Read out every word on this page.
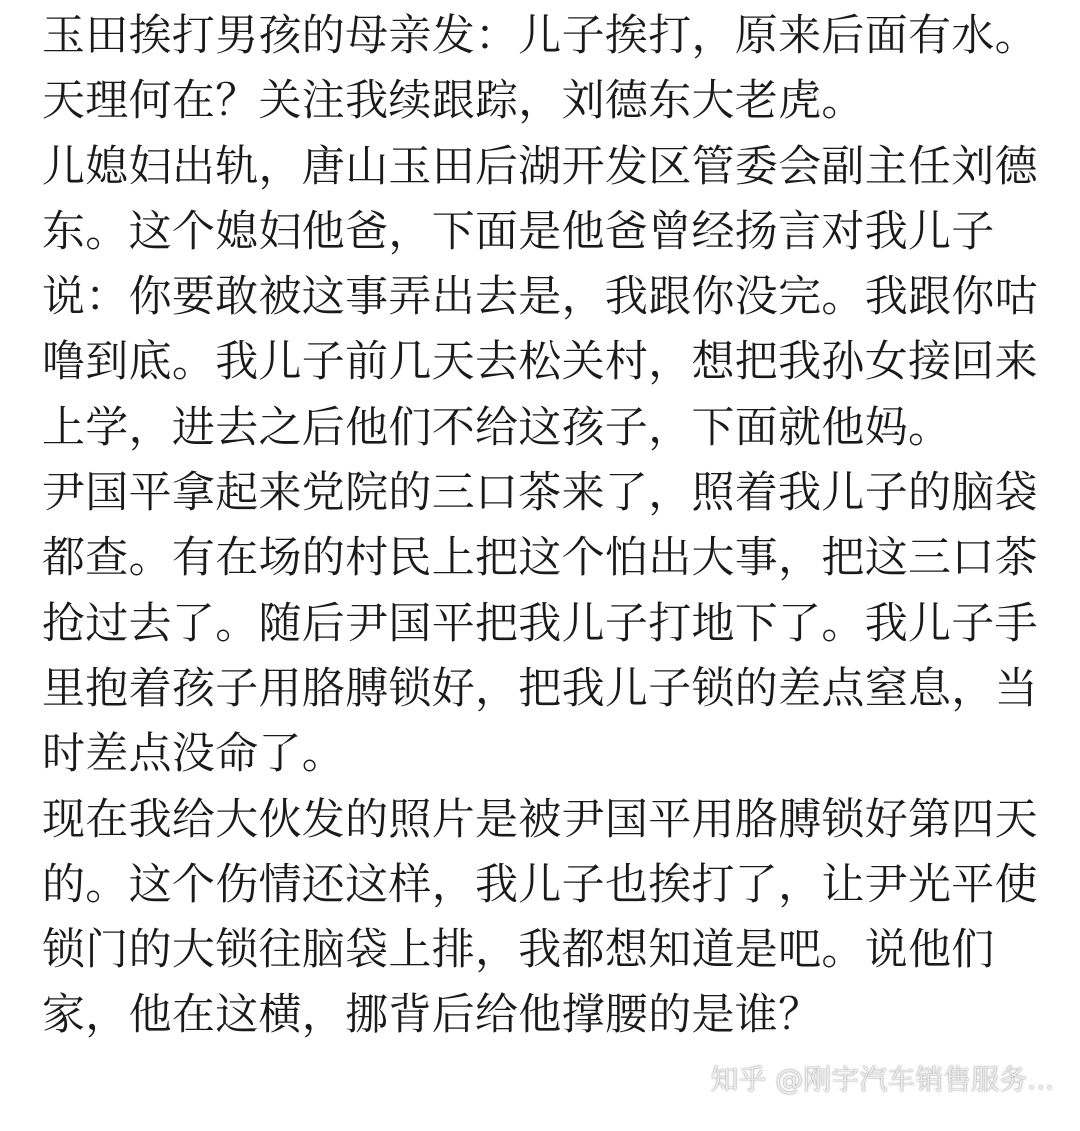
玉田挨打男孩的母亲发：儿子挨打，原来后面有水。天理何在？关注我续跟踪，刘德东大老虎。

儿媳妇出轨，唐山玉田后湖开发区管委会副主任刘德东。这个媳妇他爸，下面是他爸曾经扬言对我儿子说：你要敢被这事弄出去是，我跟你没完。我跟你咕噜到底。我儿子前几天去松关村，想把我孙女接回来上学，进去之后他们不给这孩子，下面就他妈。

尹国平拿起来党院的三口茶来了，照着我儿子的脑袋都查。有在场的村民上把这个怕出大事，把这三口茶抢过去了。随后尹国平把我儿子打地下了。我儿子手里抱着孩子用胳膊锁好，把我儿子锁的差点窒息，当时差点没命了。

现在我给大伙发的照片是被尹国平用胳膊锁好第四天的。这个伤情还这样，我儿子也挨打了，让尹光平使锁门的大锁往脑袋上排，我都想知道是吧。说他们家，他在这横，挪背后给他撑腰的是谁？

知乎 @刚宇汽车销售服务...
